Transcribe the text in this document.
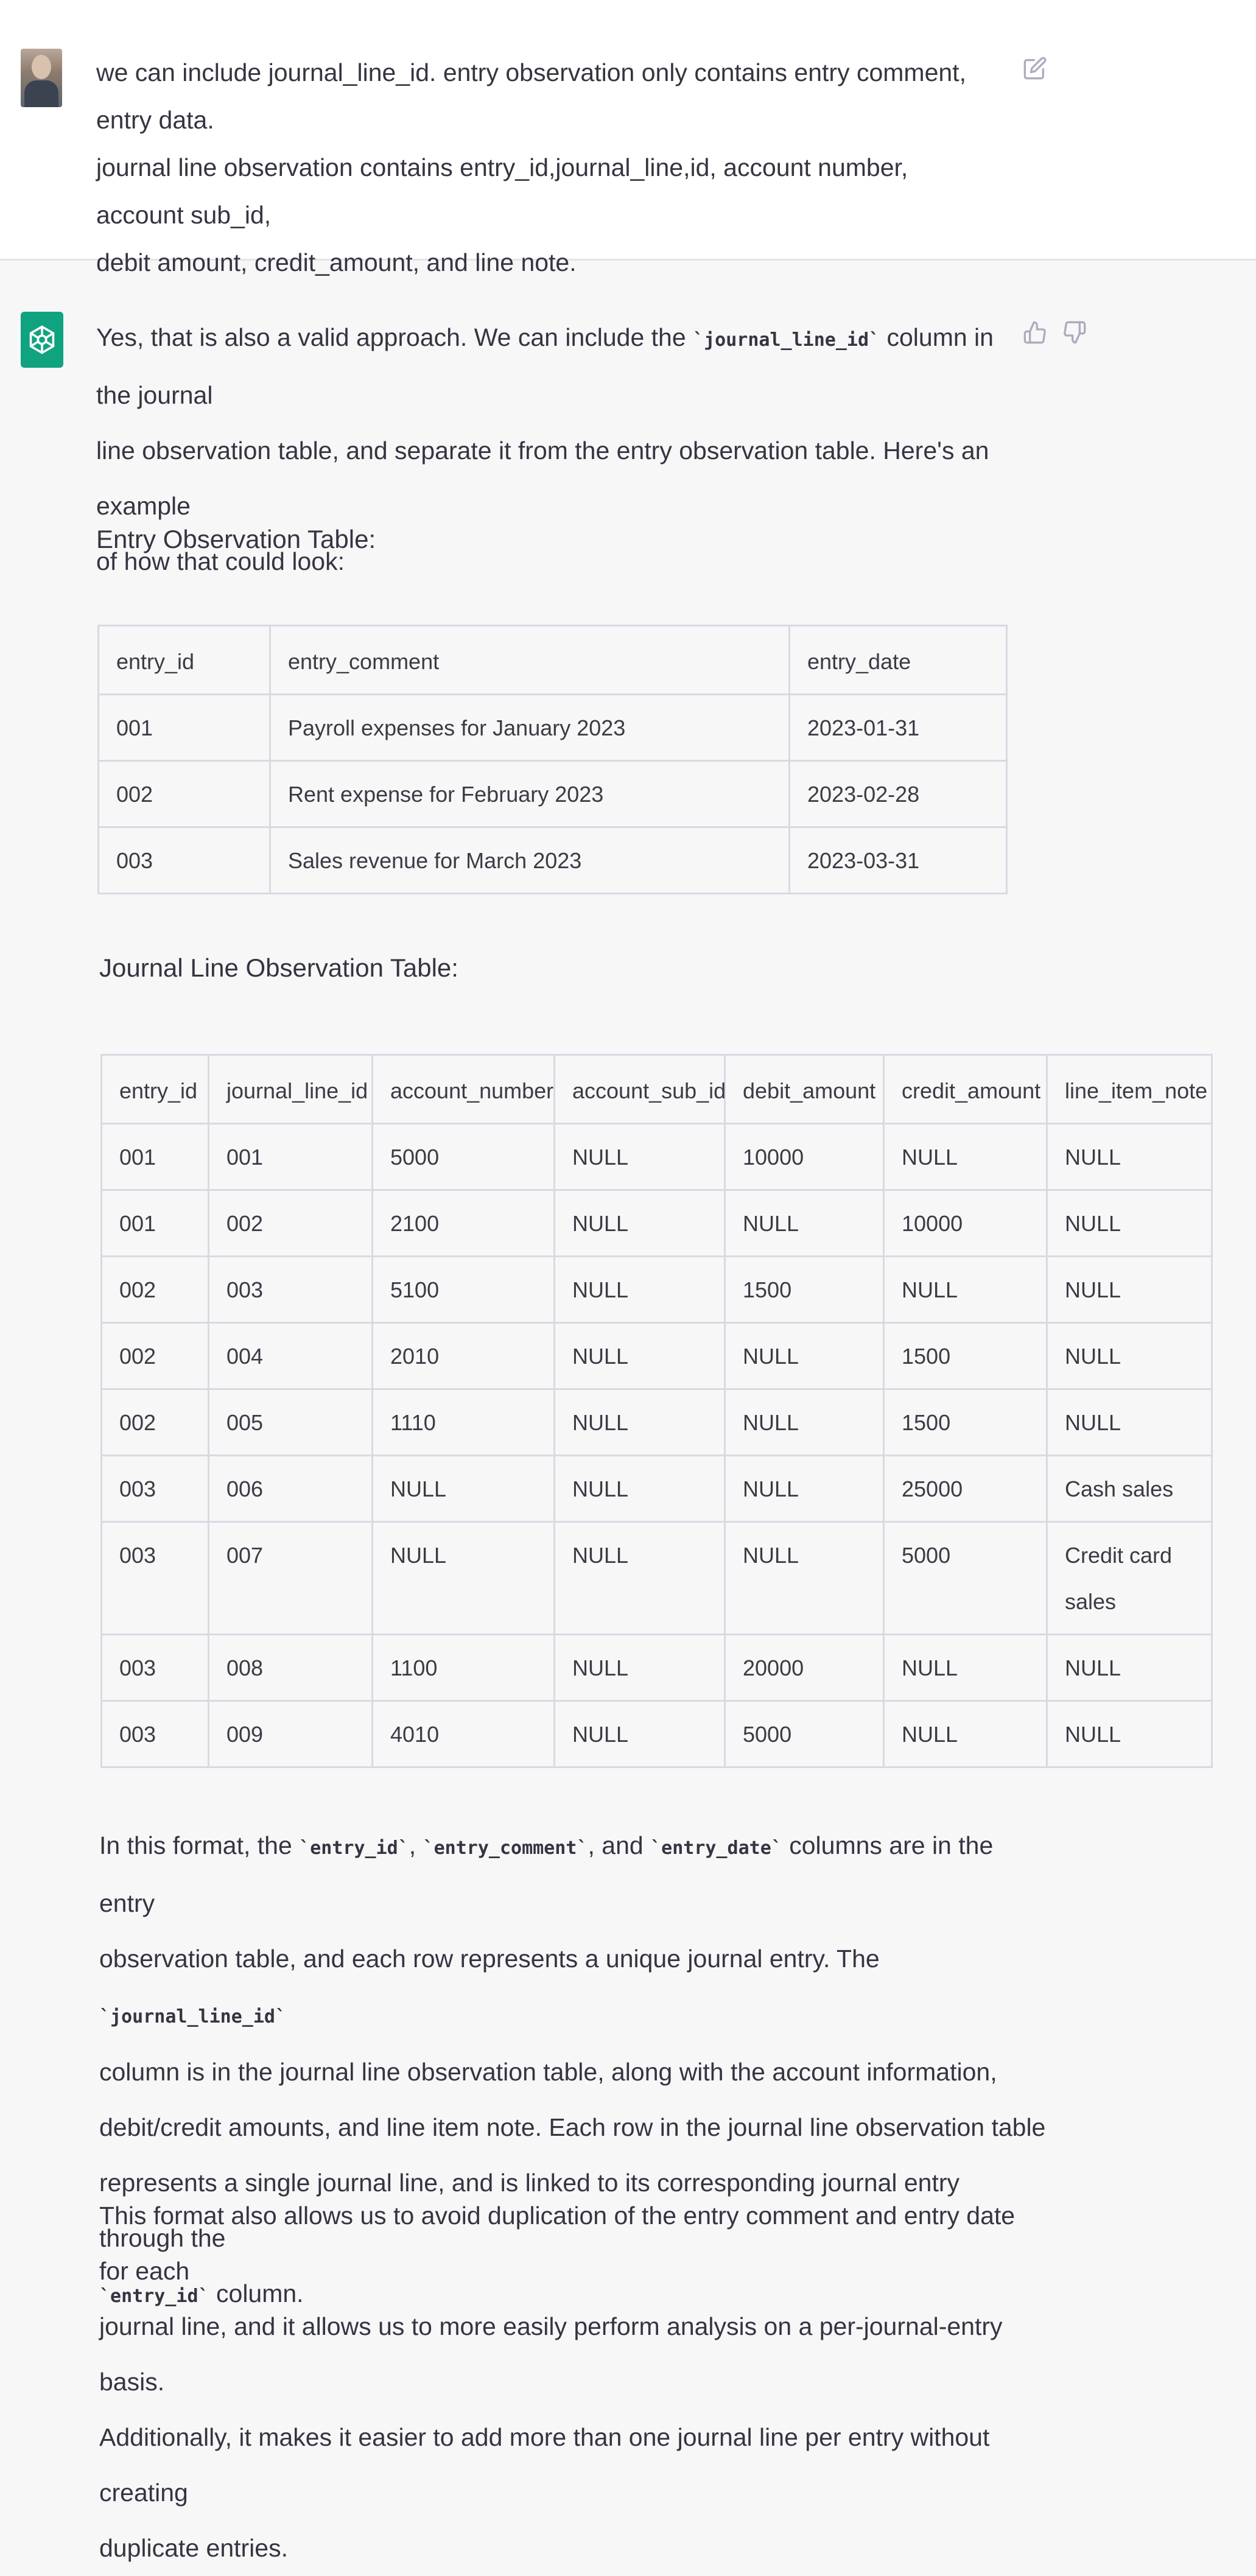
we can include journal_line_id. entry observation only contains entry comment, entry data.
journal line observation contains entry_id,journal_line,id, account number, account sub_id,
debit amount, credit_amount, and line note.
Yes, that is also a valid approach. We can include the `journal_line_id` column in the journal
line observation table, and separate it from the entry observation table. Here's an example
of how that could look:
Entry Observation Table:
entry_id	entry_comment	entry_date
001	Payroll expenses for January 2023	2023-01-31
002	Rent expense for February 2023	2023-02-28
003	Sales revenue for March 2023	2023-03-31
Journal Line Observation Table:
entry_id	journal_line_id	account_number	account_sub_id	debit_amount	credit_amount	line_item_note
001	001	5000	NULL	10000	NULL	NULL
001	002	2100	NULL	NULL	10000	NULL
002	003	5100	NULL	1500	NULL	NULL
002	004	2010	NULL	NULL	1500	NULL
002	005	1110	NULL	NULL	1500	NULL
003	006	NULL	NULL	NULL	25000	Cash sales
003	007	NULL	NULL	NULL	5000	Credit card sales
003	008	1100	NULL	20000	NULL	NULL
003	009	4010	NULL	5000	NULL	NULL
In this format, the `entry_id`, `entry_comment`, and `entry_date` columns are in the entry
observation table, and each row represents a unique journal entry. The `journal_line_id`
column is in the journal line observation table, along with the account information,
debit/credit amounts, and line item note. Each row in the journal line observation table
represents a single journal line, and is linked to its corresponding journal entry through the
`entry_id` column.
This format also allows us to avoid duplication of the entry comment and entry date for each
journal line, and it allows us to more easily perform analysis on a per-journal-entry basis.
Additionally, it makes it easier to add more than one journal line per entry without creating
duplicate entries.
